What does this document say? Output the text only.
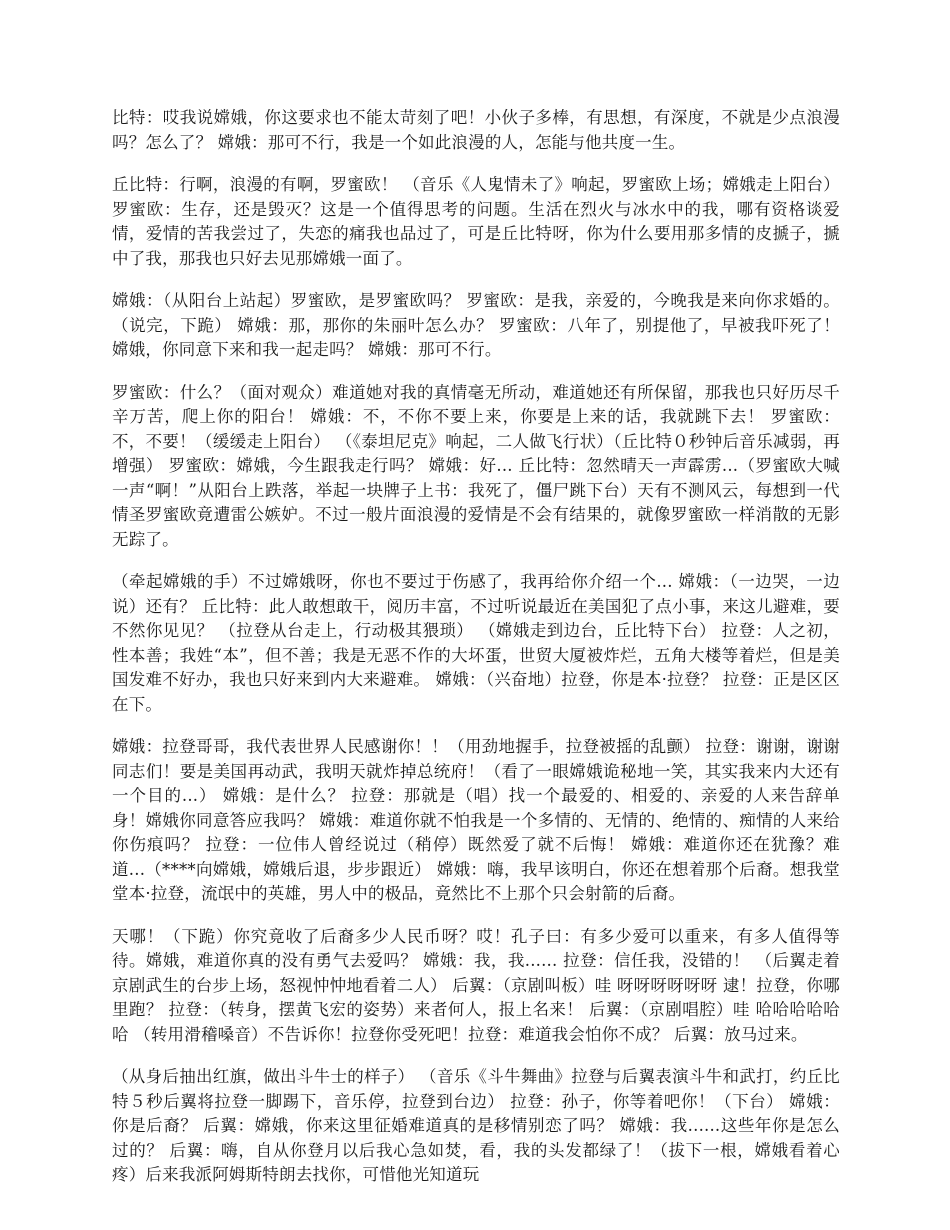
比特：哎我说嫦娥，你这要求也不能太苛刻了吧！小伙子多棒，有思想，有深度，不就是少点浪漫吗？怎么了？ 嫦娥：那可不行，我是一个如此浪漫的人，怎能与他共度一生。

丘比特：行啊，浪漫的有啊，罗蜜欧！ （音乐《人鬼情未了》响起，罗蜜欧上场；嫦娥走上阳台） 罗蜜欧：生存，还是毁灭？这是一个值得思考的问题。生活在烈火与冰水中的我，哪有资格谈爱情，爱情的苦我尝过了，失恋的痛我也品过了，可是丘比特呀，你为什么要用那多情的皮搋子，搋中了我，那我也只好去见那嫦娥一面了。

嫦娥：（从阳台上站起）罗蜜欧，是罗蜜欧吗？ 罗蜜欧：是我，亲爱的，今晚我是来向你求婚的。（说完，下跪） 嫦娥：那，那你的朱丽叶怎么办？ 罗蜜欧：八年了，别提他了，早被我吓死了！嫦娥，你同意下来和我一起走吗？ 嫦娥：那可不行。

罗蜜欧：什么？（面对观众）难道她对我的真情毫无所动，难道她还有所保留，那我也只好历尽千辛万苦，爬上你的阳台！ 嫦娥：不，不你不要上来，你要是上来的话，我就跳下去！ 罗蜜欧：不，不要！（缓缓走上阳台） （《泰坦尼克》响起，二人做飞行状）（丘比特０秒钟后音乐减弱，再增强） 罗蜜欧：嫦娥，今生跟我走行吗？ 嫦娥：好... 丘比特：忽然晴天一声霹雳...（罗蜜欧大喊一声“啊！”从阳台上跌落，举起一块牌子上书：我死了，僵尸跳下台）天有不测风云，每想到一代情圣罗蜜欧竟遭雷公嫉妒。不过一般片面浪漫的爱情是不会有结果的，就像罗蜜欧一样消散的无影无踪了。

（牵起嫦娥的手）不过嫦娥呀，你也不要过于伤感了，我再给你介绍一个... 嫦娥：（一边哭，一边说）还有？ 丘比特：此人敢想敢干，阅历丰富，不过听说最近在美国犯了点小事，来这儿避难，要不然你见见？ （拉登从台走上，行动极其猥琐） （嫦娥走到边台，丘比特下台） 拉登：人之初，性本善；我姓“本”，但不善；我是无恶不作的大坏蛋，世贸大厦被炸烂，五角大楼等着烂，但是美国发难不好办，我也只好来到内大来避难。 嫦娥：（兴奋地）拉登，你是本·拉登？ 拉登：正是区区在下。

嫦娥：拉登哥哥，我代表世界人民感谢你！！（用劲地握手，拉登被摇的乱颤） 拉登：谢谢，谢谢同志们！要是美国再动武，我明天就炸掉总统府！（看了一眼嫦娥诡秘地一笑，其实我来内大还有一个目的...） 嫦娥：是什么？ 拉登：那就是（唱）找一个最爱的、相爱的、亲爱的人来告辞单身！嫦娥你同意答应我吗？ 嫦娥：难道你就不怕我是一个多情的、无情的、绝情的、痴情的人来给你伤痕吗？ 拉登：一位伟人曾经说过（稍停）既然爱了就不后悔！ 嫦娥：难道你还在犹豫？难道...（****向嫦娥，嫦娥后退，步步跟近） 嫦娥：嗨，我早该明白，你还在想着那个后裔。想我堂堂本·拉登，流氓中的英雄，男人中的极品，竟然比不上那个只会射箭的后裔。

天哪！（下跪）你究竟收了后裔多少人民币呀？哎！孔子曰：有多少爱可以重来，有多人值得等待。嫦娥，难道你真的没有勇气去爱吗？ 嫦娥：我，我...... 拉登：信任我，没错的！ （后翼走着京剧武生的台步上场，怒视忡忡地看着二人） 后翼：（京剧叫板）哇 呀呀呀呀呀呀 逮！拉登，你哪里跑？ 拉登：（转身，摆黄飞宏的姿势）来者何人，报上名来！ 后翼：（京剧唱腔）哇 哈哈哈哈哈哈 （转用滑稽嗓音）不告诉你！拉登你受死吧！拉登：难道我会怕你不成？ 后翼：放马过来。

（从身后抽出红旗，做出斗牛士的样子） （音乐《斗牛舞曲》拉登与后翼表演斗牛和武打，约丘比特５秒后翼将拉登一脚踢下，音乐停，拉登到台边） 拉登：孙子，你等着吧你！（下台） 嫦娥：你是后裔？ 后翼：嫦娥，你来这里征婚难道真的是移情别恋了吗？ 嫦娥：我......这些年你是怎么过的？ 后翼：嗨，自从你登月以后我心急如焚，看，我的头发都绿了！（拔下一根，嫦娥看着心疼）后来我派阿姆斯特朗去找你，可惜他光知道玩
